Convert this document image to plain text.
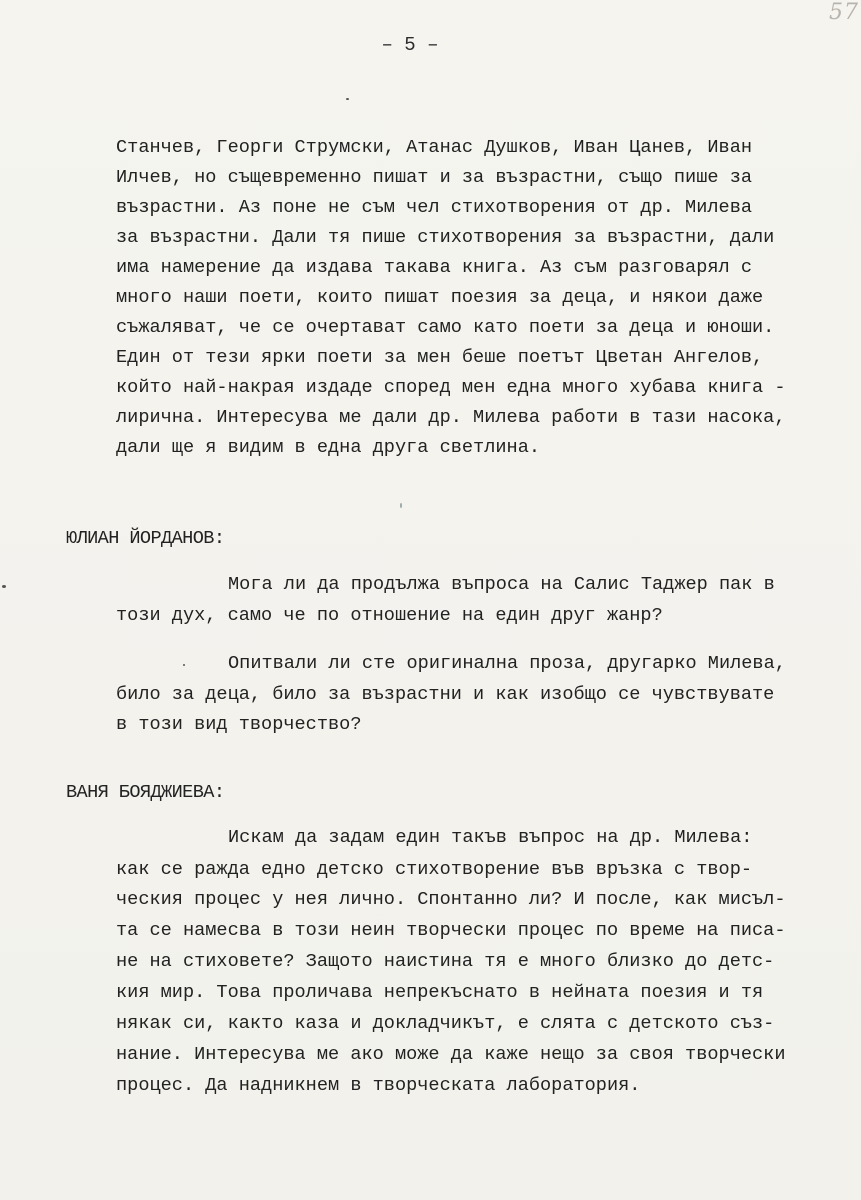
57
– 5 –
Станчев, Георги Струмски, Атанас Душков, Иван Цанев, Иван
Илчев, но същевременно пишат и за възрастни, също пише за
възрастни. Аз поне не съм чел стихотворения от др. Милева
за възрастни. Дали тя пише стихотворения за възрастни, дали
има намерение да издава такава книга. Аз съм разговарял с
много наши поети, които пишат поезия за деца, и някои даже
съжаляват, че се очертават само като поети за деца и юноши.
Един от тези ярки поети за мен беше поетът Цветан Ангелов,
който най-накрая издаде според мен една много хубава книга -
лирична. Интересува ме дали др. Милева работи в тази насока,
дали ще я видим в една друга светлина.
ЮЛИАН ЙОРДАНОВ:
Мога ли да продължа въпроса на Салис Таджер пак в
този дух, само че по отношение на един друг жанр?
Опитвали ли сте оригинална проза, другарко Милева,
било за деца, било за възрастни и как изобщо се чувствувате
в този вид творчество?
ВАНЯ БОЯДЖИЕВА:
Искам да задам един такъв въпрос на др. Милева:
как се ражда едно детско стихотворение във връзка с твор-
ческия процес у нея лично. Спонтанно ли? И после, как мисъл-
та се намесва в този неин творчески процес по време на писа-
не на стиховете? Защото наистина тя е много близко до детс-
кия мир. Това проличава непрекъснато в нейната поезия и тя
някак си, както каза и докладчикът, е слята с детското съз-
нание. Интересува ме ако може да каже нещо за своя творчески
процес. Да надникнем в творческата лаборатория.
